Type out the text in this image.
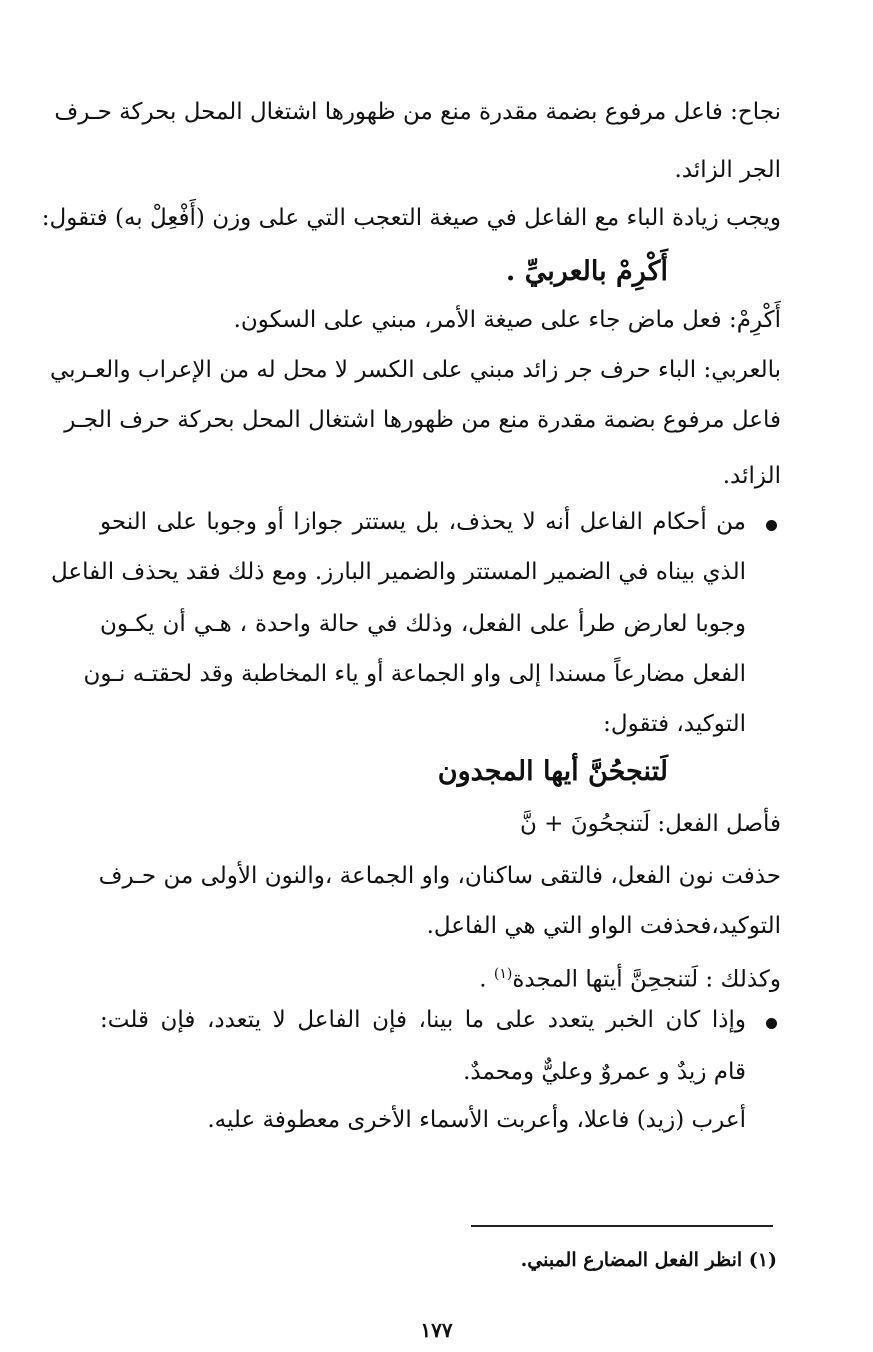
نجاح: فاعل مرفوع بضمة مقدرة منع من ظهورها اشتغال المحل بحركة حـرف
الجر الزائد.
ويجب زيادة الباء مع الفاعل في صيغة التعجب التي على وزن (أَفْعِلْ به) فتقول:
أَكْرِمْ بالعربيِّ .
أَكْرِمْ: فعل ماض جاء على صيغة الأمر، مبني على السكون.
بالعربي: الباء حرف جر زائد مبني على الكسر لا محل له من الإعراب والعـربي
فاعل مرفوع بضمة مقدرة منع من ظهورها اشتغال المحل بحركة حرف الجـر
الزائد.
من أحكام الفاعل أنه لا يحذف، بل يستتر جوازا أو وجوبا على النحو
الذي بيناه في الضمير المستتر والضمير البارز. ومع ذلك فقد يحذف الفاعل
وجوبا لعارض طرأ على الفعل، وذلك في حالة واحدة ، هـي أن يكـون
الفعل مضارعاً مسندا إلى واو الجماعة أو ياء المخاطبة وقد لحقتـه نـون
التوكيد، فتقول:
لَتنجحُنَّ أيها المجدون
فأصل الفعل: لَتنجحُونَ + نَّ
حذفت نون الفعل، فالتقى ساكنان، واو الجماعة ،والنون الأولى من حـرف
التوكيد،فحذفت الواو التي هي الفاعل.
وكذلك : لَتنجحِنَّ أيتها المجدة$^{(١)}$ .
وإذا كان الخبر يتعدد على ما بينا، فإن الفاعل لا يتعدد، فإن قلت:
قام زيدٌ و عمروٌ وعليٌّ ومحمدٌ.
أعرب (زيد) فاعلا، وأعربت الأسماء الأخرى معطوفة عليه.
(١) انظر الفعل المضارع المبني.
١٧٧
